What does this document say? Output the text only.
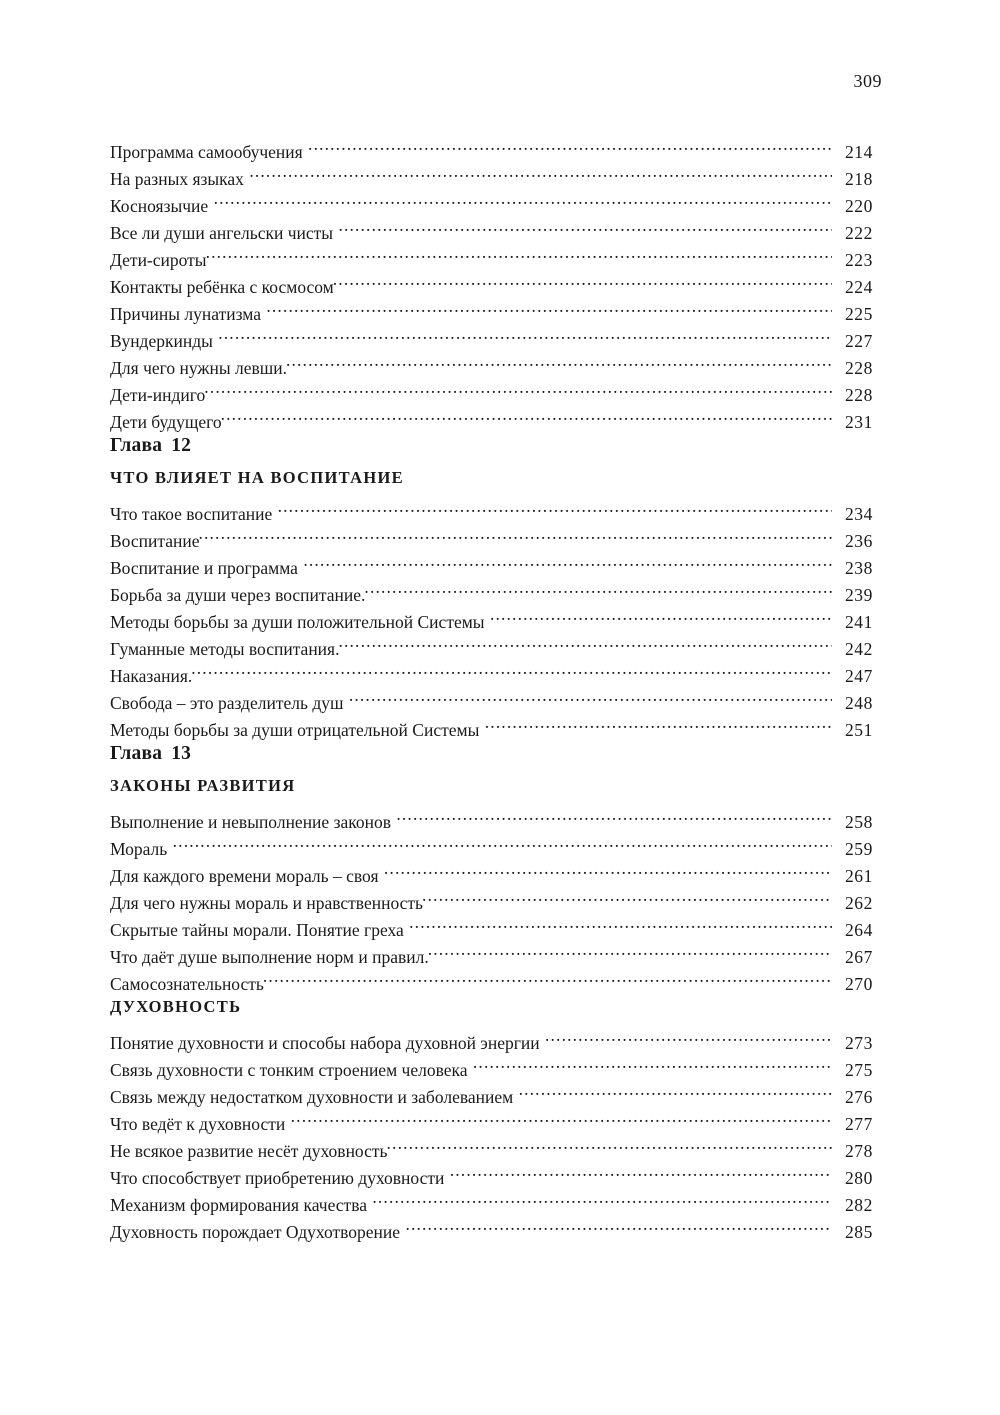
309
Программа самообучения .....	214
На разных языках .....	218
Косноязычие .....	220
Все ли души ангельски чисты .....	222
Дети-сироты .....	223
Контакты ребёнка с космосом .....	224
Причины лунатизма .....	225
Вундеркинды .....	227
Для чего нужны левши. .....	228
Дети-индиго .....	228
Дети будущего .....	231
Глава 12
ЧТО ВЛИЯЕТ НА ВОСПИТАНИЕ
Что такое воспитание .....	234
Воспитание .....	236
Воспитание и программа .....	238
Борьба за души через воспитание. .....	239
Методы борьбы за души положительной Системы .....	241
Гуманные методы воспитания. .....	242
Наказания. .....	247
Свобода – это разделитель душ .....	248
Методы борьбы за души отрицательной Системы .....	251
Глава 13
ЗАКОНЫ РАЗВИТИЯ
Выполнение и невыполнение законов .....	258
Мораль .....	259
Для каждого времени мораль – своя .....	261
Для чего нужны мораль и нравственность .....	262
Скрытые тайны морали. Понятие греха .....	264
Что даёт душе выполнение норм и правил. .....	267
Самосознательность .....	270
ДУХОВНОСТЬ
Понятие духовности и способы набора духовной энергии .....	273
Связь духовности с тонким строением человека .....	275
Связь между недостатком духовности и заболеванием .....	276
Что ведёт к духовности .....	277
Не всякое развитие несёт духовность .....	278
Что способствует приобретению духовности .....	280
Механизм формирования качества .....	282
Духовность порождает Одухотворение .....	285
